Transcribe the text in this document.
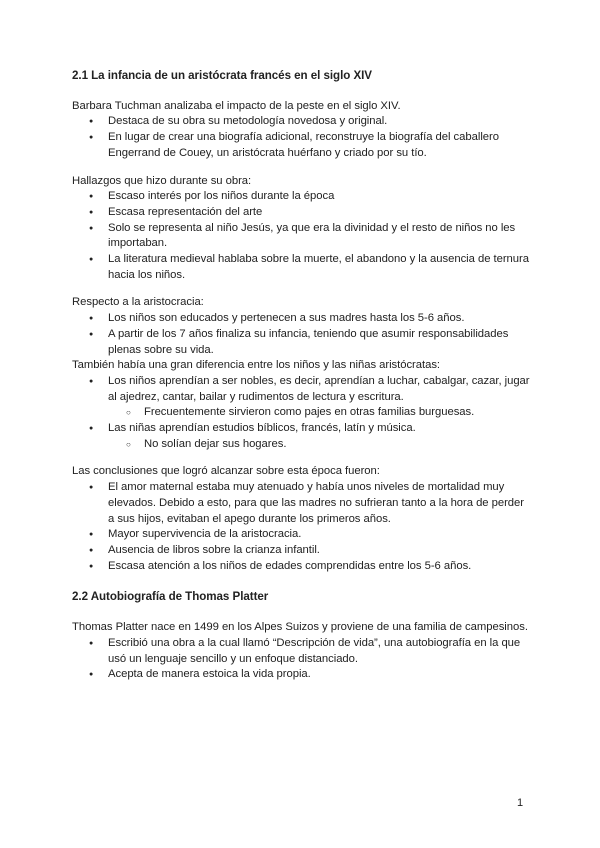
2.1 La infancia de un aristócrata francés en el siglo XIV

Barbara Tuchman analizaba el impacto de la peste en el siglo XIV.

● Destaca de su obra su metodología novedosa y original.
● En lugar de crear una biografía adicional, reconstruye la biografía del caballero Engerrand de Couey, un aristócrata huérfano y criado por su tío.

Hallazgos que hizo durante su obra:

● Escaso interés por los niños durante la época
● Escasa representación del arte
● Solo se representa al niño Jesús, ya que era la divinidad y el resto de niños no les importaban.
● La literatura medieval hablaba sobre la muerte, el abandono y la ausencia de ternura hacia los niños.

Respecto a la aristocracia:

● Los niños son educados y pertenecen a sus madres hasta los 5-6 años.
● A partir de los 7 años finaliza su infancia, teniendo que asumir responsabilidades plenas sobre su vida.

También había una gran diferencia entre los niños y las niñas aristócratas:

● Los niños aprendían a ser nobles, es decir, aprendían a luchar, cabalgar, cazar, jugar al ajedrez, cantar, bailar y rudimentos de lectura y escritura.
○ Frecuentemente sirvieron como pajes en otras familias burguesas.
● Las niñas aprendían estudios bíblicos, francés, latín y música.
○ No solían dejar sus hogares.

Las conclusiones que logró alcanzar sobre esta época fueron:

● El amor maternal estaba muy atenuado y había unos niveles de mortalidad muy elevados. Debido a esto, para que las madres no sufrieran tanto a la hora de perder a sus hijos, evitaban el apego durante los primeros años.
● Mayor supervivencia de la aristocracia.
● Ausencia de libros sobre la crianza infantil.
● Escasa atención a los niños de edades comprendidas entre los 5-6 años.

2.2 Autobiografía de Thomas Platter

Thomas Platter nace en 1499 en los Alpes Suizos y proviene de una familia de campesinos.

● Escribió una obra a la cual llamó “Descripción de vida”, una autobiografía en la que usó un lenguaje sencillo y un enfoque distanciado.
● Acepta de manera estoica la vida propia.
1
